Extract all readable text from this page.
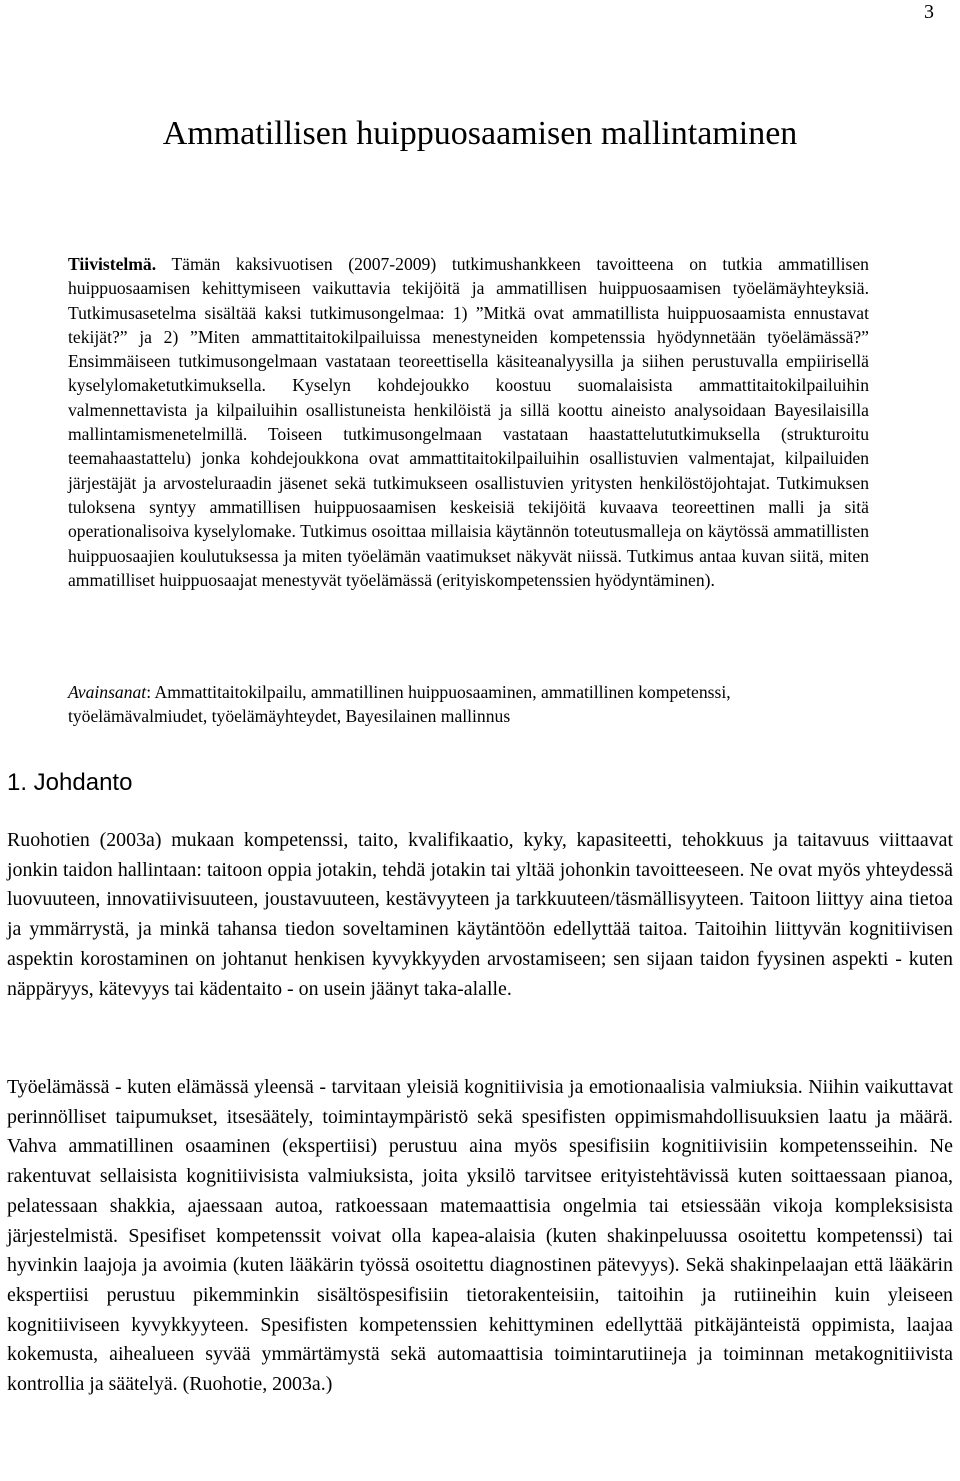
3
Ammatillisen huippuosaamisen mallintaminen

Tiivistelmä. Tämän kaksivuotisen (2007-2009) tutkimushankkeen tavoitteena on tutkia ammatillisen huippuosaamisen kehittymiseen vaikuttavia tekijöitä ja ammatillisen huippuosaamisen työelämäyhteyksiä. Tutkimusasetelma sisältää kaksi tutkimusongelmaa: 1) ”Mitkä ovat ammatillista huippuosaamista ennustavat tekijät?” ja 2) ”Miten ammattitaitokilpailuissa menestyneiden kompetenssia hyödynnetään työelämässä?” Ensimmäiseen tutkimusongelmaan vastataan teoreettisella käsiteanalyysilla ja siihen perustuvalla empiirisellä kyselylomaketutkimuksella. Kyselyn kohdejoukko koostuu suomalaisista ammattitaitokilpailuihin valmennettavista ja kilpailuihin osallistuneista henkilöistä ja sillä koottu aineisto analysoidaan Bayesilaisilla mallintamismenetelmillä. Toiseen tutkimusongelmaan vastataan haastattelututkimuksella (strukturoitu teemahaastattelu) jonka kohdejoukkona ovat ammattitaitokilpailuihin osallistuvien valmentajat, kilpailuiden järjestäjät ja arvosteluraadin jäsenet sekä tutkimukseen osallistuvien yritysten henkilöstöjohtajat. Tutkimuksen tuloksena syntyy ammatillisen huippuosaamisen keskeisiä tekijöitä kuvaava teoreettinen malli ja sitä operationalisoiva kyselylomake. Tutkimus osoittaa millaisia käytännön toteutusmalleja on käytössä ammatillisten huippuosaajien koulutuksessa ja miten työelämän vaatimukset näkyvät niissä. Tutkimus antaa kuvan siitä, miten ammatilliset huippuosaajat menestyvät työelämässä (erityiskompetenssien hyödyntäminen).

Avainsanat: Ammattitaitokilpailu, ammatillinen huippuosaaminen, ammatillinen kompetenssi, työelämävalmiudet, työelämäyhteydet, Bayesilainen mallinnus

1. Johdanto

Ruohotien (2003a) mukaan kompetenssi, taito, kvalifikaatio, kyky, kapasiteetti, tehokkuus ja taitavuus viittaavat jonkin taidon hallintaan: taitoon oppia jotakin, tehdä jotakin tai yltää johonkin tavoitteeseen. Ne ovat myös yhteydessä luovuuteen, innovatiivisuuteen, joustavuuteen, kestävyyteen ja tarkkuuteen/täsmällisyyteen. Taitoon liittyy aina tietoa ja ymmärrystä, ja minkä tahansa tiedon soveltaminen käytäntöön edellyttää taitoa. Taitoihin liittyvän kognitiivisen aspektin korostaminen on johtanut henkisen kyvykkyyden arvostamiseen; sen sijaan taidon fyysinen aspekti - kuten näppäryys, kätevyys tai kädentaito - on usein jäänyt taka-alalle.

Työelämässä - kuten elämässä yleensä - tarvitaan yleisiä kognitiivisia ja emotionaalisia valmiuksia. Niihin vaikuttavat perinnölliset taipumukset, itsesäätely, toimintaympäristö sekä spesifisten oppimismahdollisuuksien laatu ja määrä. Vahva ammatillinen osaaminen (ekspertiisi) perustuu aina myös spesifisiin kognitiivisiin kompetensseihin. Ne rakentuvat sellaisista kognitiivisista valmiuksista, joita yksilö tarvitsee erityistehtävissä kuten soittaessaan pianoa, pelatessaan shakkia, ajaessaan autoa, ratkoessaan matemaattisia ongelmia tai etsiessään vikoja kompleksisista järjestelmistä. Spesifiset kompetenssit voivat olla kapea-alaisia (kuten shakinpeluussa osoitettu kompetenssi) tai hyvinkin laajoja ja avoimia (kuten lääkärin työssä osoitettu diagnostinen pätevyys). Sekä shakinpelaajan että lääkärin ekspertiisi perustuu pikemminkin sisältöspesifisiin tietorakenteisiin, taitoihin ja rutiineihin kuin yleiseen kognitiiviseen kyvykkyyteen. Spesifisten kompetenssien kehittyminen edellyttää pitkäjänteistä oppimista, laajaa kokemusta, aihealueen syvää ymmärtämystä sekä automaattisia toimintarutiineja ja toiminnan metakognitiivista kontrollia ja säätelyä. (Ruohotie, 2003a.)
